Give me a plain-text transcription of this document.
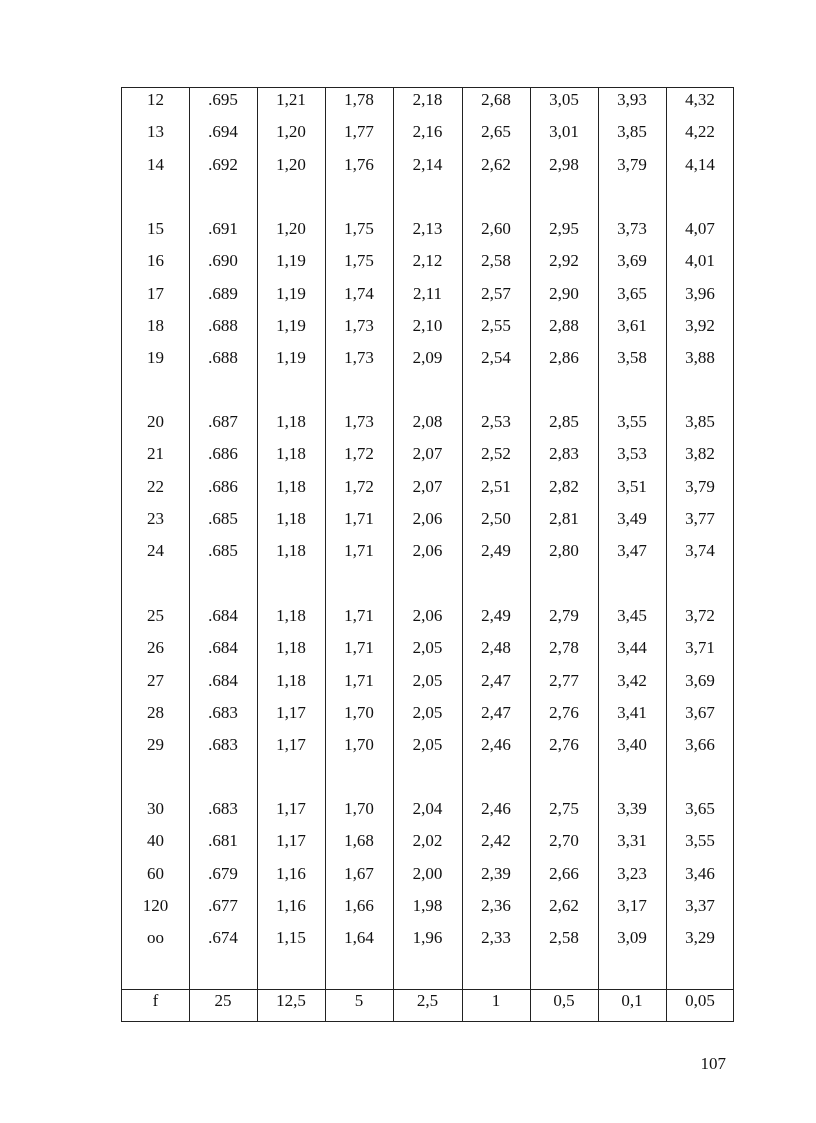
12	.695	1,21	1,78	2,18	2,68	3,05	3,93	4,32
13	.694	1,20	1,77	2,16	2,65	3,01	3,85	4,22
14	.692	1,20	1,76	2,14	2,62	2,98	3,79	4,14
15	.691	1,20	1,75	2,13	2,60	2,95	3,73	4,07
16	.690	1,19	1,75	2,12	2,58	2,92	3,69	4,01
17	.689	1,19	1,74	2,11	2,57	2,90	3,65	3,96
18	.688	1,19	1,73	2,10	2,55	2,88	3,61	3,92
19	.688	1,19	1,73	2,09	2,54	2,86	3,58	3,88
20	.687	1,18	1,73	2,08	2,53	2,85	3,55	3,85
21	.686	1,18	1,72	2,07	2,52	2,83	3,53	3,82
22	.686	1,18	1,72	2,07	2,51	2,82	3,51	3,79
23	.685	1,18	1,71	2,06	2,50	2,81	3,49	3,77
24	.685	1,18	1,71	2,06	2,49	2,80	3,47	3,74
25	.684	1,18	1,71	2,06	2,49	2,79	3,45	3,72
26	.684	1,18	1,71	2,05	2,48	2,78	3,44	3,71
27	.684	1,18	1,71	2,05	2,47	2,77	3,42	3,69
28	.683	1,17	1,70	2,05	2,47	2,76	3,41	3,67
29	.683	1,17	1,70	2,05	2,46	2,76	3,40	3,66
30	.683	1,17	1,70	2,04	2,46	2,75	3,39	3,65
40	.681	1,17	1,68	2,02	2,42	2,70	3,31	3,55
60	.679	1,16	1,67	2,00	2,39	2,66	3,23	3,46
120	.677	1,16	1,66	1,98	2,36	2,62	3,17	3,37
oo	.674	1,15	1,64	1,96	2,33	2,58	3,09	3,29
f	25	12,5	5	2,5	1	0,5	0,1	0,05
107
